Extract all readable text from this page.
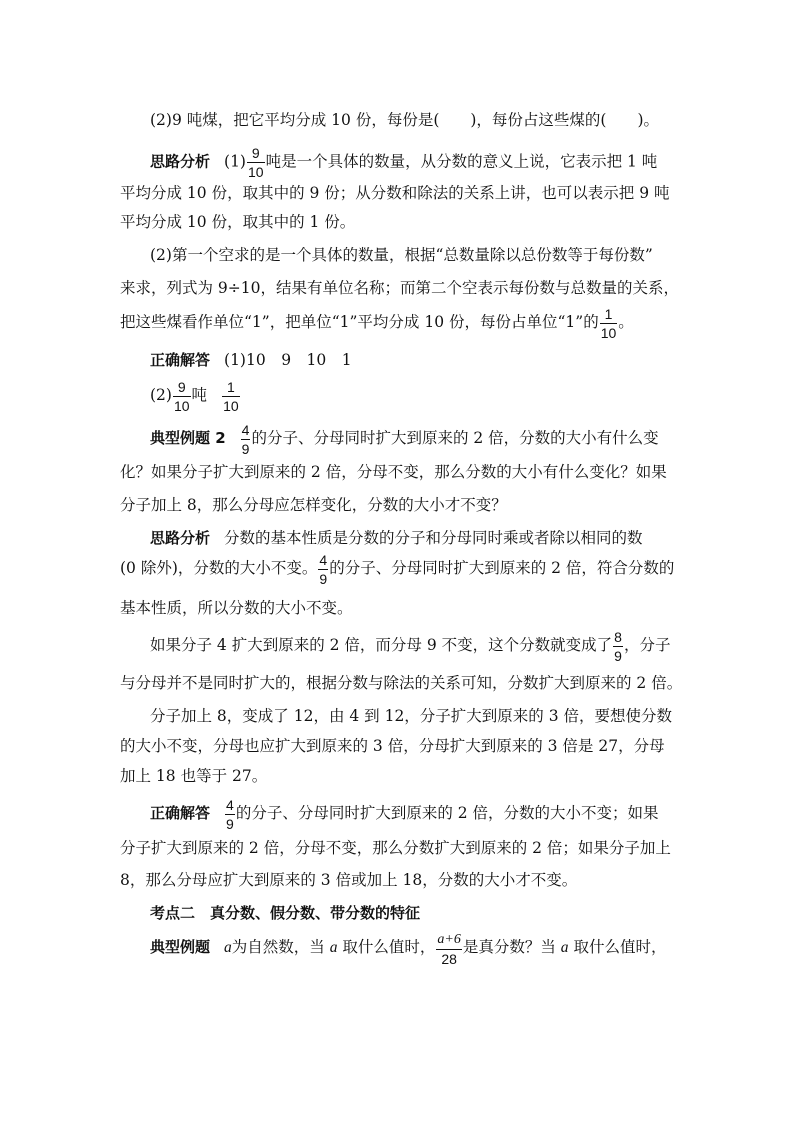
(2)9 吨煤，把它平均分成 10 份，每份是(　　)，每份占这些煤的(　　)。
思路分析 $(1) \frac{9}{10}$ 吨是一个具体的数量，从分数的意义上说，它表示把 1 吨
平均分成 10 份，取其中的 9 份；从分数和除法的关系上讲，也可以表示把 9 吨
平均分成 10 份，取其中的 1 份。
(2)第一个空求的是一个具体的数量，根据“总数量除以总份数等于每份数”
来求，列式为 9÷10，结果有单位名称；而第二个空表示每份数与总数量的关系，
把这些煤看作单位“1”，把单位“1”平均分成 10 份，每份占单位“1”的 $\frac{1}{10}$ 。
正确解答 (1)10　9　10　1
$(2) \frac{9}{10}$ 吨 $\frac{1}{10}$
典型例题 $2 \frac{4}{9}$ 的分子、分母同时扩大到原来的 2 倍，分数的大小有什么变
化？如果分子扩大到原来的 2 倍，分母不变，那么分数的大小有什么变化？如果
分子加上 8，那么分母应怎样变化，分数的大小才不变？
思路分析 分数的基本性质是分数的分子和分母同时乘或者除以相同的数
(0 除外)，分数的大小不变。 $\frac{4}{9}$ 的分子、分母同时扩大到原来的 2 倍，符合分数的
基本性质，所以分数的大小不变。
如果分子 4 扩大到原来的 2 倍，而分母 9 不变，这个分数就变成了 $\frac{8}{9}$ ，分子
与分母并不是同时扩大的，根据分数与除法的关系可知，分数扩大到原来的 2 倍。
分子加上 8，变成了 12，由 4 到 12，分子扩大到原来的 3 倍，要想使分数
的大小不变，分母也应扩大到原来的 3 倍，分母扩大到原来的 3 倍是 27，分母
加上 18 也等于 27。
正确解答 $\frac{4}{9}$ 的分子、分母同时扩大到原来的 2 倍，分数的大小不变；如果
分子扩大到原来的 2 倍，分母不变，那么分数扩大到原来的 2 倍；如果分子加上
8，那么分母应扩大到原来的 3 倍或加上 18，分数的大小才不变。
考点二　真分数、假分数、带分数的特征
典型例题 a为自然数，当 a 取什么值时， $\frac{a+6}{28}$ 是真分数？当 a 取什么值时，
